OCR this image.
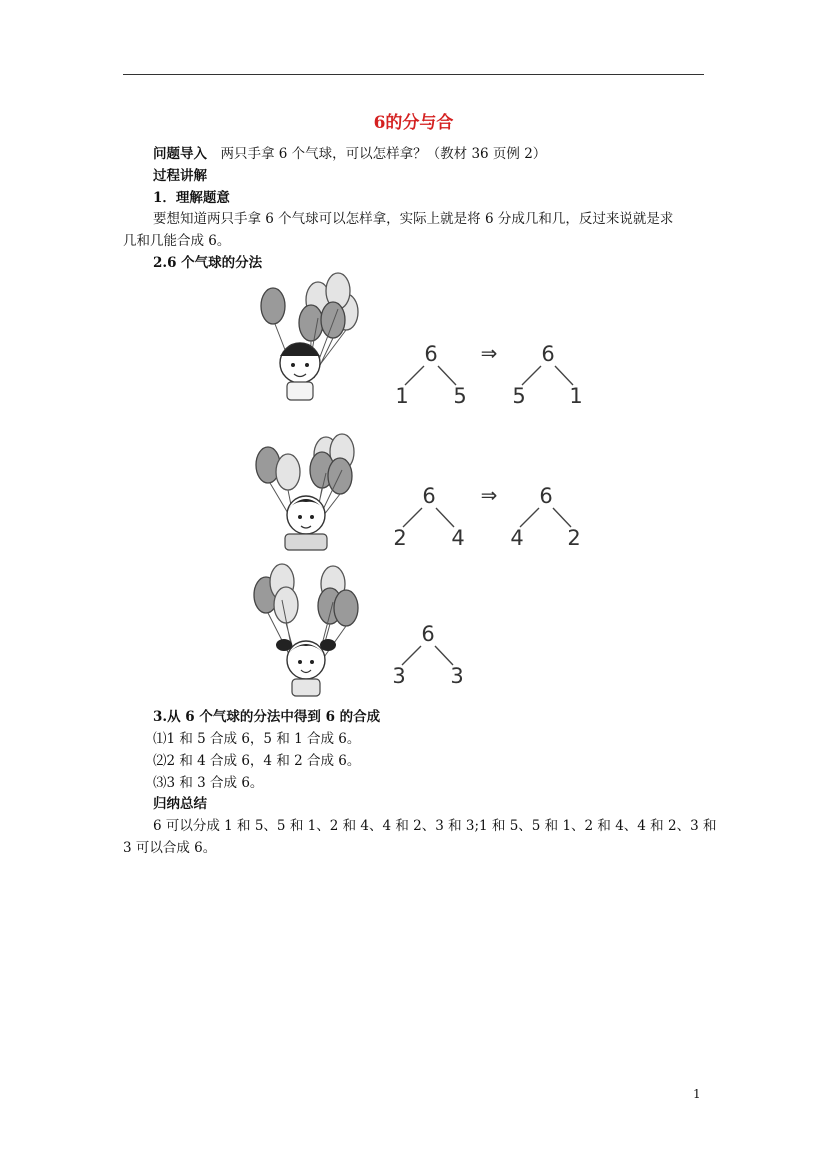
6的分与合
问题导入　两只手拿 6 个气球，可以怎样拿？（教材 36 页例 2）
过程讲解
1．理解题意
要想知道两只手拿 6 个气球可以怎样拿，实际上就是将 6 分成几和几，反过来说就是求
几和几能合成 6。
2.6 个气球的分法
6
1 5
⇒ 6
5 1
6
2 4
⇒ 6
4 2
6
3 3
3.从 6 个气球的分法中得到 6 的合成
⑴1 和 5 合成 6，5 和 1 合成 6。
⑵2 和 4 合成 6，4 和 2 合成 6。
⑶3 和 3 合成 6。
归纳总结
6 可以分成 1 和 5、5 和 1、2 和 4、4 和 2、3 和 3;1 和 5、5 和 1、2 和 4、4 和 2、3 和
3 可以合成 6。
1
